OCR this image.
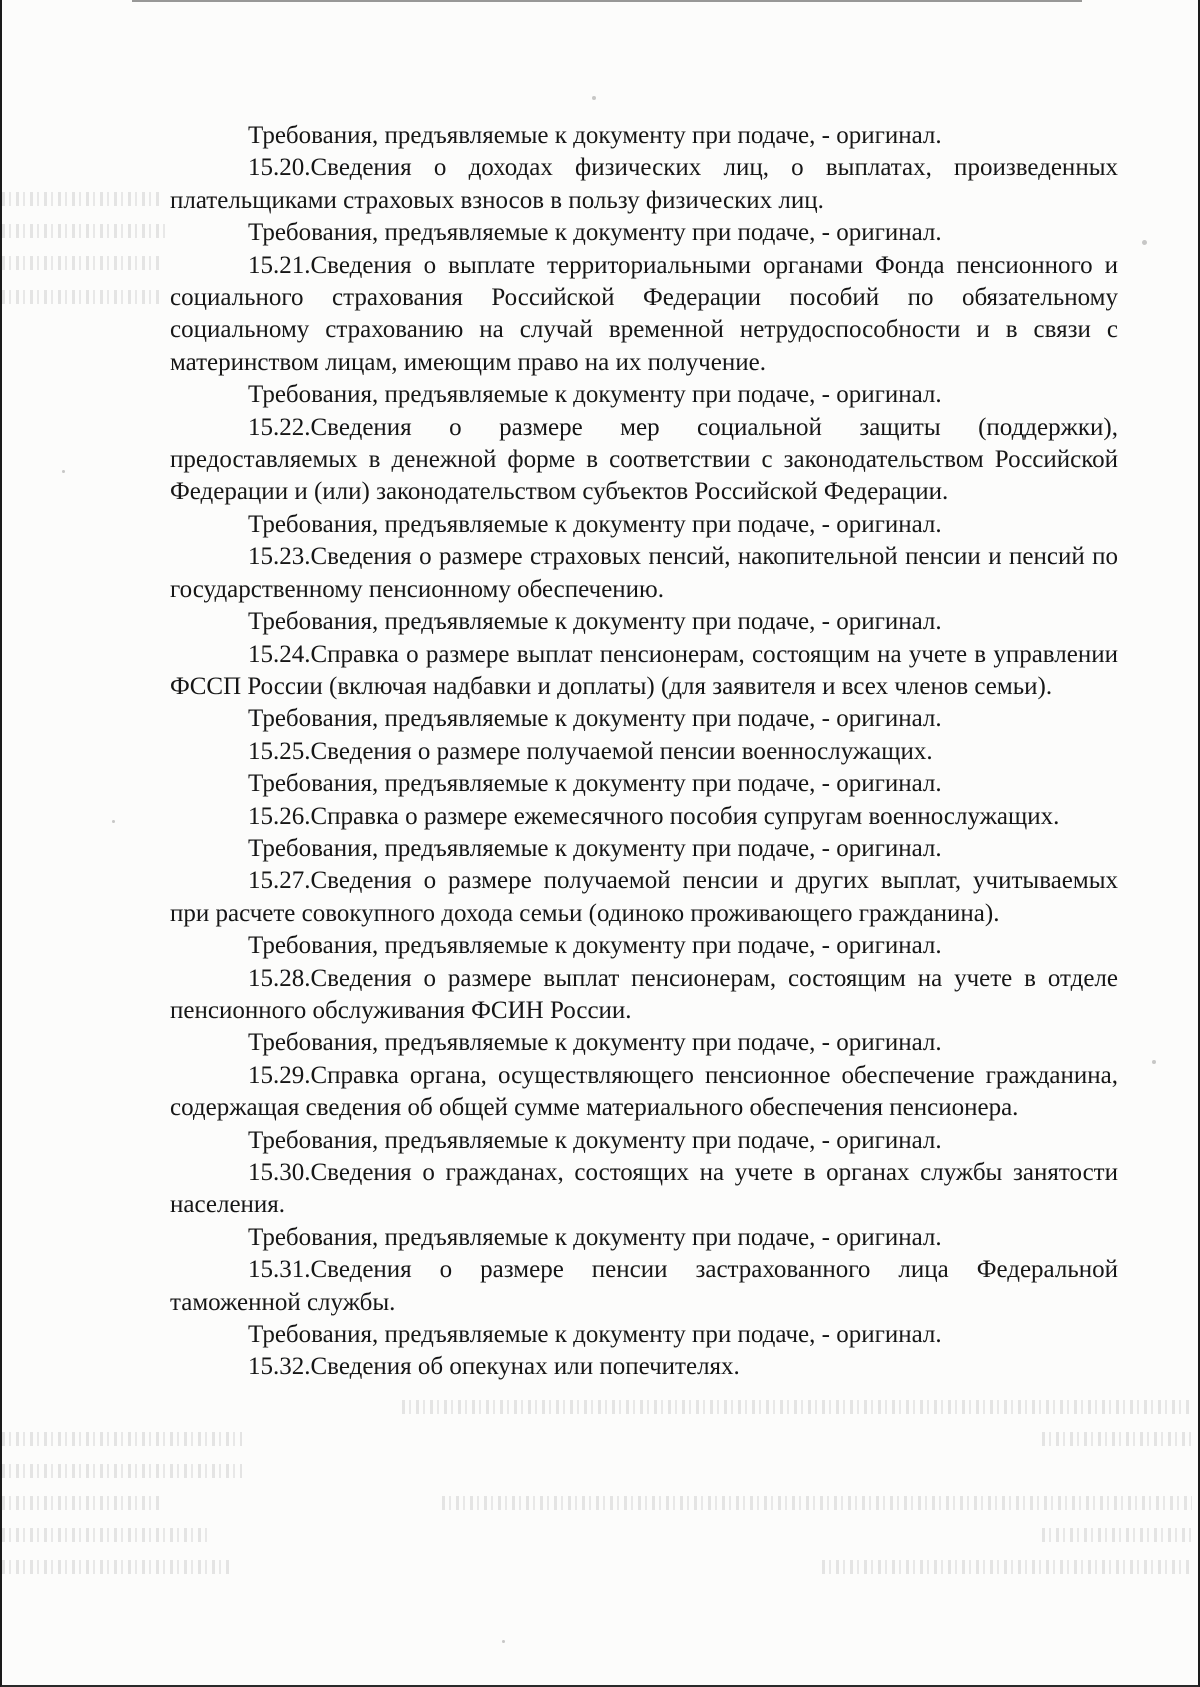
Требования, предъявляемые к документу при подаче, - оригинал.

15.20.Сведения о доходах физических лиц, о выплатах, произведенных плательщиками страховых взносов в пользу физических лиц.

Требования, предъявляемые к документу при подаче, - оригинал.

15.21.Сведения о выплате территориальными органами Фонда пенсионного и социального страхования Российской Федерации пособий по обязательному социальному страхованию на случай временной нетрудоспособности и в связи с материнством лицам, имеющим право на их получение.

Требования, предъявляемые к документу при подаче, - оригинал.

15.22.Сведения о размере мер социальной защиты (поддержки), предоставляемых в денежной форме в соответствии с законодательством Российской Федерации и (или) законодательством субъектов Российской Федерации.

Требования, предъявляемые к документу при подаче, - оригинал.

15.23.Сведения о размере страховых пенсий, накопительной пенсии и пенсий по государственному пенсионному обеспечению.

Требования, предъявляемые к документу при подаче, - оригинал.

15.24.Справка о размере выплат пенсионерам, состоящим на учете в управлении ФССП России (включая надбавки и доплаты) (для заявителя и всех членов семьи).

Требования, предъявляемые к документу при подаче, - оригинал.

15.25.Сведения о размере получаемой пенсии военнослужащих.

Требования, предъявляемые к документу при подаче, - оригинал.

15.26.Справка о размере ежемесячного пособия супругам военнослужащих.

Требования, предъявляемые к документу при подаче, - оригинал.

15.27.Сведения о размере получаемой пенсии и других выплат, учитываемых при расчете совокупного дохода семьи (одиноко проживающего гражданина).

Требования, предъявляемые к документу при подаче, - оригинал.

15.28.Сведения о размере выплат пенсионерам, состоящим на учете в отделе пенсионного обслуживания ФСИН России.

Требования, предъявляемые к документу при подаче, - оригинал.

15.29.Справка органа, осуществляющего пенсионное обеспечение гражданина, содержащая сведения об общей сумме материального обеспечения пенсионера.

Требования, предъявляемые к документу при подаче, - оригинал.

15.30.Сведения о гражданах, состоящих на учете в органах службы занятости населения.

Требования, предъявляемые к документу при подаче, - оригинал.

15.31.Сведения о размере пенсии застрахованного лица Федеральной таможенной службы.

Требования, предъявляемые к документу при подаче, - оригинал.

15.32.Сведения об опекунах или попечителях.
